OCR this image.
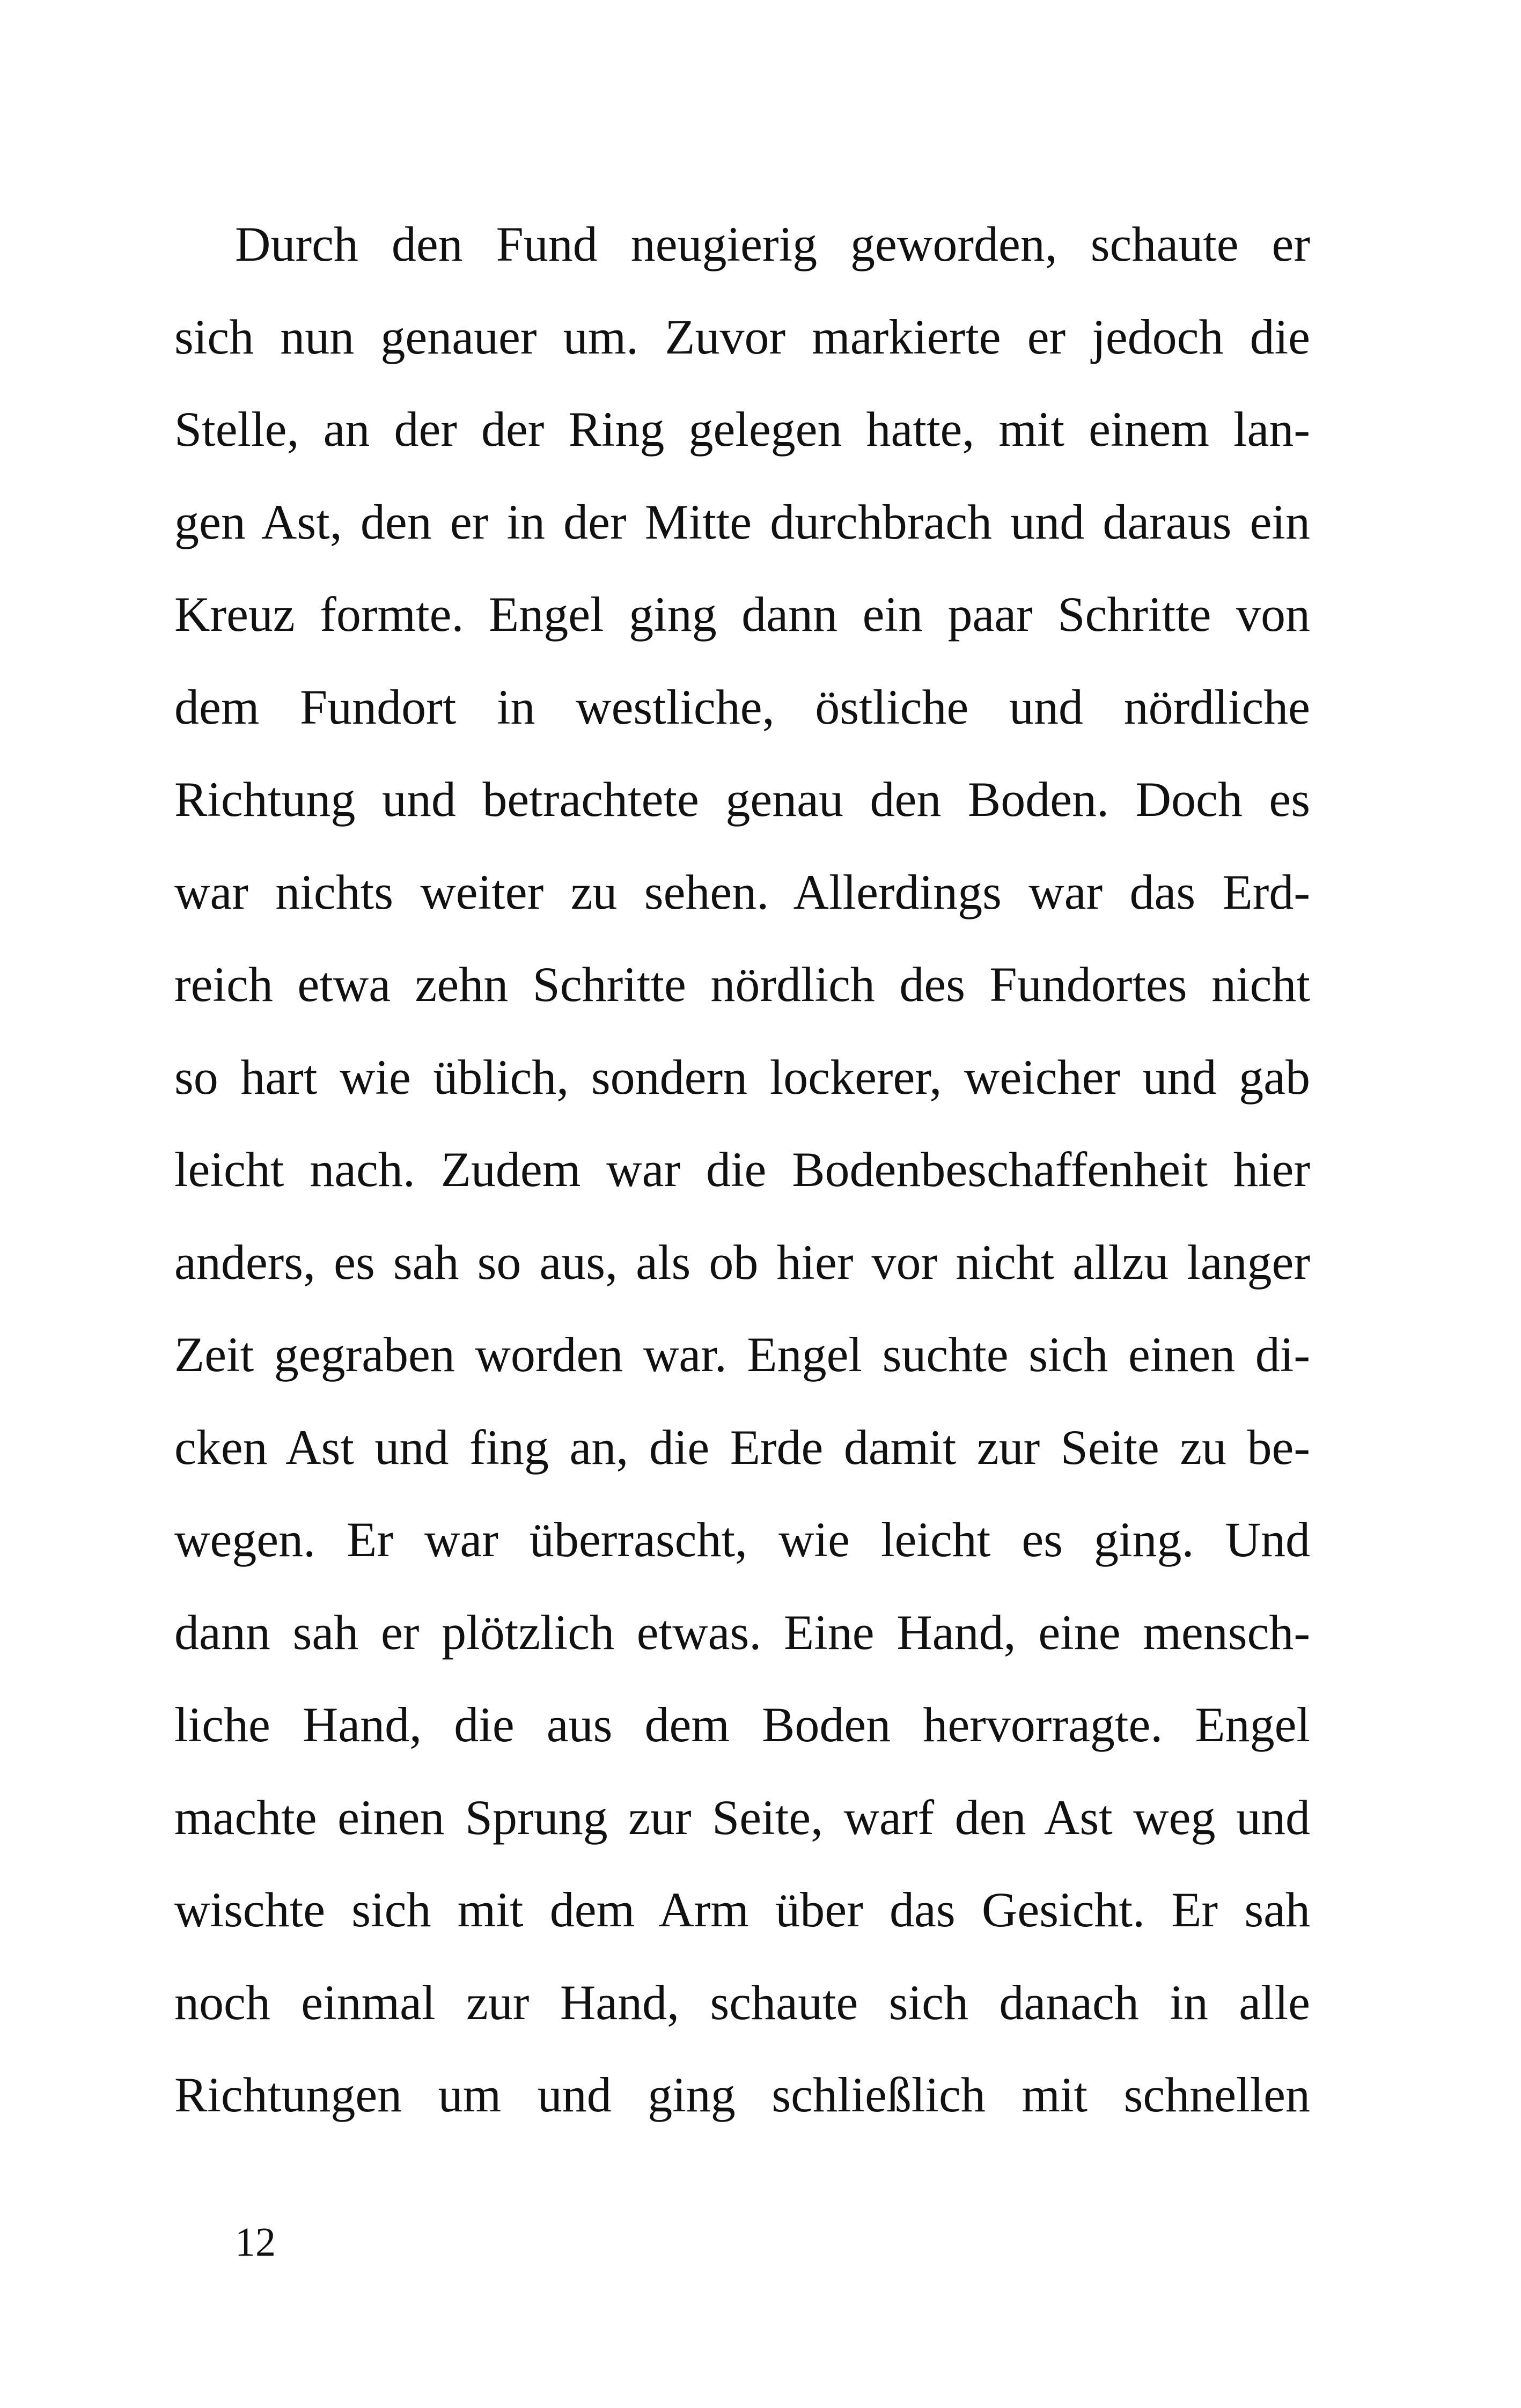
Durch den Fund neugierig geworden, schaute er
sich nun genauer um. Zuvor markierte er jedoch die
Stelle, an der der Ring gelegen hatte, mit einem lan-
gen Ast, den er in der Mitte durchbrach und daraus ein
Kreuz formte. Engel ging dann ein paar Schritte von
dem Fundort in westliche, östliche und nördliche
Richtung und betrachtete genau den Boden. Doch es
war nichts weiter zu sehen. Allerdings war das Erd-
reich etwa zehn Schritte nördlich des Fundortes nicht
so hart wie üblich, sondern lockerer, weicher und gab
leicht nach. Zudem war die Bodenbeschaffenheit hier
anders, es sah so aus, als ob hier vor nicht allzu langer
Zeit gegraben worden war. Engel suchte sich einen di-
cken Ast und fing an, die Erde damit zur Seite zu be-
wegen. Er war überrascht, wie leicht es ging. Und
dann sah er plötzlich etwas. Eine Hand, eine mensch-
liche Hand, die aus dem Boden hervorragte. Engel
machte einen Sprung zur Seite, warf den Ast weg und
wischte sich mit dem Arm über das Gesicht. Er sah
noch einmal zur Hand, schaute sich danach in alle
Richtungen um und ging schließlich mit schnellen
12
